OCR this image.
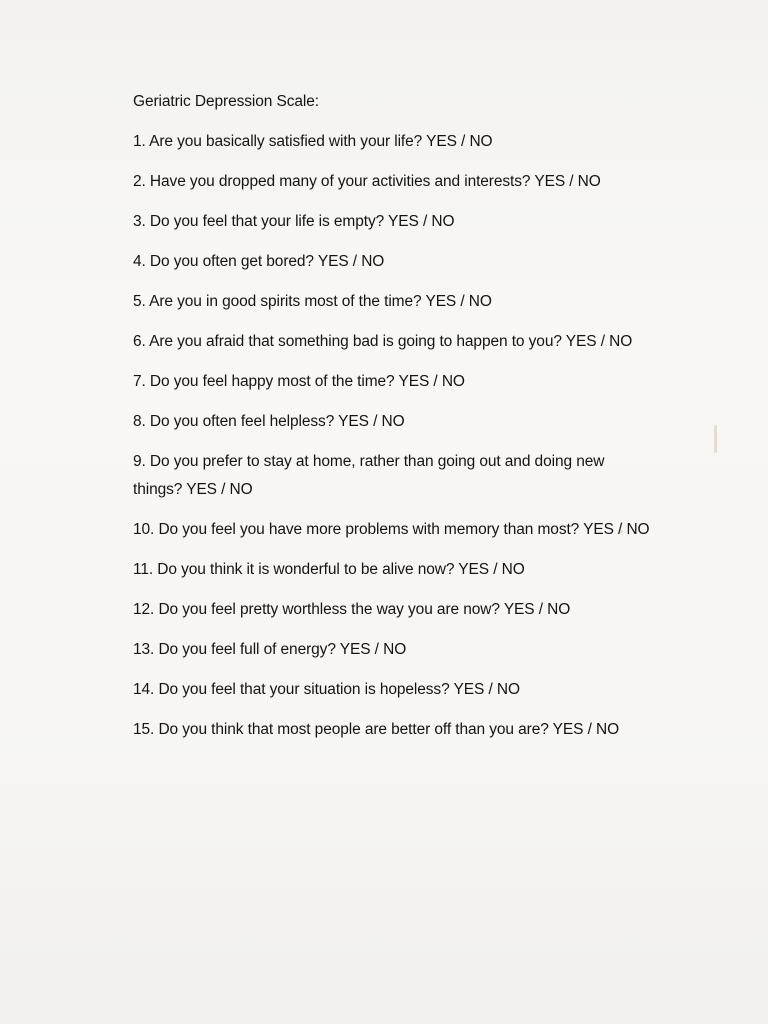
Geriatric Depression Scale:

1. Are you basically satisfied with your life? YES / NO

2. Have you dropped many of your activities and interests? YES / NO

3. Do you feel that your life is empty? YES / NO

4. Do you often get bored? YES / NO

5. Are you in good spirits most of the time? YES / NO

6. Are you afraid that something bad is going to happen to you? YES / NO

7. Do you feel happy most of the time? YES / NO

8. Do you often feel helpless? YES / NO

9. Do you prefer to stay at home, rather than going out and doing new things? YES / NO

10. Do you feel you have more problems with memory than most? YES / NO

11. Do you think it is wonderful to be alive now? YES / NO

12. Do you feel pretty worthless the way you are now? YES / NO

13. Do you feel full of energy? YES / NO

14. Do you feel that your situation is hopeless? YES / NO

15. Do you think that most people are better off than you are? YES / NO
